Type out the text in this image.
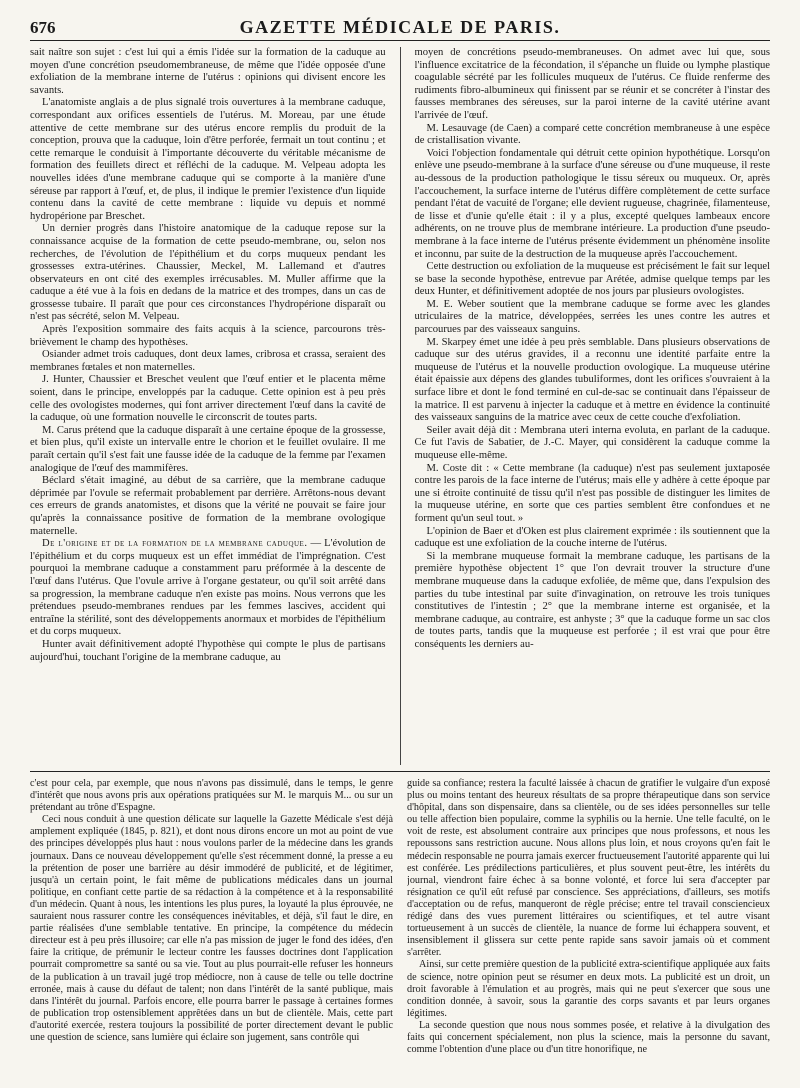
676	GAZETTE MÉDICALE DE PARIS.

sait naître son sujet : c'est lui qui a émis l'idée sur la formation de la caduque au moyen d'une concrétion pseudomembraneuse, de même que l'idée opposée d'une exfoliation de la membrane interne de l'utérus : opinions qui divisent encore les savants.

L'anatomiste anglais a de plus signalé trois ouvertures à la membrane caduque, correspondant aux orifices essentiels de l'utérus. M. Moreau, par une étude attentive de cette membrane sur des utérus encore remplis du produit de la conception, prouva que la caduque, loin d'être perforée, fermait un tout continu ; et cette remarque le conduisit à l'importante découverte du véritable mécanisme de formation des feuillets direct et réfléchi de la caduque. M. Velpeau adopta les nouvelles idées d'une membrane caduque qui se comporte à la manière d'une séreuse par rapport à l'œuf, et, de plus, il indique le premier l'existence d'un liquide contenu dans la cavité de cette membrane : liquide vu depuis et nommé hydropérione par Breschet.

Un dernier progrès dans l'histoire anatomique de la caduque repose sur la connaissance acquise de la formation de cette pseudo-membrane, ou, selon nos recherches, de l'évolution de l'épithélium et du corps muqueux pendant les grossesses extra-utérines. Chaussier, Meckel, M. Lallemand et d'autres observateurs en ont cité des exemples irrécusables. M. Muller affirme que la caduque a été vue à la fois en dedans de la matrice et des trompes, dans un cas de grossesse tubaire. Il paraît que pour ces circonstances l'hydropérione disparaît ou n'est pas sécrété, selon M. Velpeau.

Après l'exposition sommaire des faits acquis à la science, parcourons très-brièvement le champ des hypothèses.

Osiander admet trois caduques, dont deux lames, cribrosa et crassa, seraient des membranes fœtales et non maternelles.

J. Hunter, Chaussier et Breschet veulent que l'œuf entier et le placenta même soient, dans le principe, enveloppés par la caduque. Cette opinion est à peu près celle des ovologistes modernes, qui font arriver directement l'œuf dans la cavité de la caduque, où une formation nouvelle le circonscrit de toutes parts.

M. Carus prétend que la caduque disparaît à une certaine époque de la grossesse, et bien plus, qu'il existe un intervalle entre le chorion et le feuillet ovulaire. Il me paraît certain qu'il s'est fait une fausse idée de la caduque de la femme par l'examen analogique de l'œuf des mammifères.

Béclard s'était imaginé, au début de sa carrière, que la membrane caduque déprimée par l'ovule se refermait probablement par derrière. Arrêtons-nous devant ces erreurs de grands anatomistes, et disons que la vérité ne pouvait se faire jour qu'après la connaissance positive de formation de la membrane ovologique maternelle.

De l'origine et de la formation de la membrane caduque. — L'évolution de l'épithélium et du corps muqueux est un effet immédiat de l'imprégnation. C'est pourquoi la membrane caduque a constamment paru préformée à la descente de l'œuf dans l'utérus. Que l'ovule arrive à l'organe gestateur, ou qu'il soit arrêté dans sa progression, la membrane caduque n'en existe pas moins. Nous verrons que les prétendues pseudo-membranes rendues par les femmes lascives, accident qui entraîne la stérilité, sont des développements anormaux et morbides de l'épithélium et du corps muqueux.

Hunter avait définitivement adopté l'hypothèse qui compte le plus de partisans aujourd'hui, touchant l'origine de la membrane caduque, au

moyen de concrétions pseudo-membraneuses. On admet avec lui que, sous l'influence excitatrice de la fécondation, il s'épanche un fluide ou lymphe plastique coagulable sécrété par les follicules muqueux de l'utérus. Ce fluide renferme des rudiments fibro-albumineux qui finissent par se réunir et se concréter à l'instar des fausses membranes des séreuses, sur la paroi interne de la cavité utérine avant l'arrivée de l'œuf.

M. Lesauvage (de Caen) a comparé cette concrétion membraneuse à une espèce de cristallisation vivante.

Voici l'objection fondamentale qui détruit cette opinion hypothétique. Lorsqu'on enlève une pseudo-membrane à la surface d'une séreuse ou d'une muqueuse, il reste au-dessous de la production pathologique le tissu séreux ou muqueux. Or, après l'accouchement, la surface interne de l'utérus diffère complètement de cette surface pendant l'état de vacuité de l'organe; elle devient rugueuse, chagrinée, filamenteuse, de lisse et d'unie qu'elle était : il y a plus, excepté quelques lambeaux encore adhérents, on ne trouve plus de membrane intérieure. La production d'une pseudo-membrane à la face interne de l'utérus présente évidemment un phénomène insolite et inconnu, par suite de la destruction de la muqueuse après l'accouchement.

Cette destruction ou exfoliation de la muqueuse est précisément le fait sur lequel se base la seconde hypothèse, entrevue par Arétée, admise quelque temps par les deux Hunter, et définitivement adoptée de nos jours par plusieurs ovologistes.

M. E. Weber soutient que la membrane caduque se forme avec les glandes utriculaires de la matrice, développées, serrées les unes contre les autres et parcourues par des vaisseaux sanguins.

M. Skarpey émet une idée à peu près semblable. Dans plusieurs observations de caduque sur des utérus gravides, il a reconnu une identité parfaite entre la muqueuse de l'utérus et la nouvelle production ovologique. La muqueuse utérine était épaissie aux dépens des glandes tubuliformes, dont les orifices s'ouvraient à la surface libre et dont le fond terminé en cul-de-sac se continuait dans l'épaisseur de la matrice. Il est parvenu à injecter la caduque et à mettre en évidence la continuité des vaisseaux sanguins de la matrice avec ceux de cette couche d'exfoliation.

Seiler avait déjà dit : Membrana uteri interna evoluta, en parlant de la caduque. Ce fut l'avis de Sabatier, de J.-C. Mayer, qui considèrent la caduque comme la muqueuse elle-même.

M. Coste dit : « Cette membrane (la caduque) n'est pas seulement juxtaposée contre les parois de la face interne de l'utérus; mais elle y adhère à cette époque par une si étroite continuité de tissu qu'il n'est pas possible de distinguer les limites de la muqueuse utérine, en sorte que ces parties semblent être confondues et ne forment qu'un seul tout. »

L'opinion de Baer et d'Oken est plus clairement exprimée : ils soutiennent que la caduque est une exfoliation de la couche interne de l'utérus.

Si la membrane muqueuse formait la membrane caduque, les partisans de la première hypothèse objectent 1° que l'on devrait trouver la structure d'une membrane muqueuse dans la caduque exfoliée, de même que, dans l'expulsion des parties du tube intestinal par suite d'invagination, on retrouve les trois tuniques constitutives de l'intestin ; 2° que la membrane interne est organisée, et la membrane caduque, au contraire, est anhyste ; 3° que la caduque forme un sac clos de toutes parts, tandis que la muqueuse est perforée ; il est vrai que pour être conséquents les derniers au-

c'est pour cela, par exemple, que nous n'avons pas dissimulé, dans le temps, le genre d'intérêt que nous avons pris aux opérations pratiquées sur M. le marquis M... ou sur un prétendant au trône d'Espagne.

Ceci nous conduit à une question délicate sur laquelle la Gazette Médicale s'est déjà amplement expliquée (1845, p. 821), et dont nous dirons encore un mot au point de vue des principes développés plus haut : nous voulons parler de la médecine dans les grands journaux. Dans ce nouveau développement qu'elle s'est récemment donné, la presse a eu la prétention de poser une barrière au désir immodéré de publicité, et de légitimer, jusqu'à un certain point, le fait même de publications médicales dans un journal politique, en confiant cette partie de sa rédaction à la compétence et à la responsabilité d'un médecin. Quant à nous, les intentions les plus pures, la loyauté la plus éprouvée, ne sauraient nous rassurer contre les conséquences inévitables, et déjà, s'il faut le dire, en partie réalisées d'une semblable tentative. En principe, la compétence du médecin directeur est à peu près illusoire; car elle n'a pas mission de juger le fond des idées, d'en faire la critique, de prémunir le lecteur contre les fausses doctrines dont l'application pourrait compromettre sa santé ou sa vie. Tout au plus pourrait-elle refuser les honneurs de la publication à un travail jugé trop médiocre, non à cause de telle ou telle doctrine erronée, mais à cause du défaut de talent; non dans l'intérêt de la santé publique, mais dans l'intérêt du journal. Parfois encore, elle pourra barrer le passage à certaines formes de publication trop ostensiblement apprêtées dans un but de clientèle. Mais, cette part d'autorité exercée, restera toujours la possibilité de porter directement devant le public une question de science, sans lumière qui éclaire son jugement, sans contrôle qui

guide sa confiance; restera la faculté laissée à chacun de gratifier le vulgaire d'un exposé plus ou moins tentant des heureux résultats de sa propre thérapeutique dans son service d'hôpital, dans son dispensaire, dans sa clientèle, ou de ses idées personnelles sur telle ou telle affection bien populaire, comme la syphilis ou la hernie. Une telle faculté, on le voit de reste, est absolument contraire aux principes que nous professons, et nous les repoussons sans restriction aucune. Nous allons plus loin, et nous croyons qu'en fait le médecin responsable ne pourra jamais exercer fructueusement l'autorité apparente qui lui est conférée. Les prédilections particulières, et plus souvent peut-être, les intérêts du journal, viendront faire échec à sa bonne volonté, et force lui sera d'accepter par résignation ce qu'il eût refusé par conscience. Ses appréciations, d'ailleurs, ses motifs d'acceptation ou de refus, manqueront de règle précise; entre tel travail consciencieux rédigé dans des vues purement littéraires ou scientifiques, et tel autre visant tortueusement à un succès de clientèle, la nuance de forme lui échappera souvent, et insensiblement il glissera sur cette pente rapide sans savoir jamais où et comment s'arrêter.

Ainsi, sur cette première question de la publicité extra-scientifique appliquée aux faits de science, notre opinion peut se résumer en deux mots. La publicité est un droit, un droit favorable à l'émulation et au progrès, mais qui ne peut s'exercer que sous une condition donnée, à savoir, sous la garantie des corps savants et par leurs organes légitimes.

La seconde question que nous nous sommes posée, et relative à la divulgation des faits qui concernent spécialement, non plus la science, mais la personne du savant, comme l'obtention d'une place ou d'un titre honorifique, ne
